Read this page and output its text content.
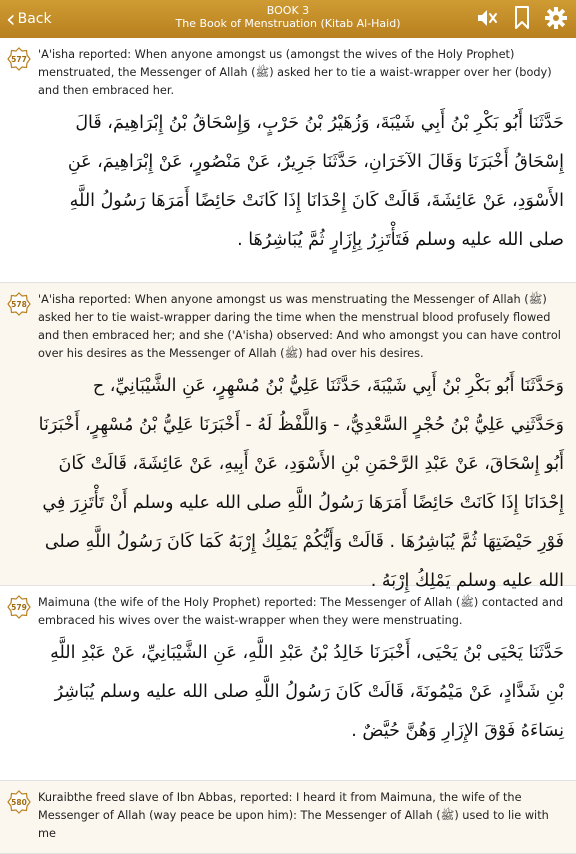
‹ Back
BOOK 3
The Book of Menstruation (Kitab Al-Haid)
577 'A'isha reported: When anyone amongst us (amongst the wives of the Holy Prophet) menstruated, the Messenger of Allah (ﷺ) asked her to tie a waist-wrapper over her (body) and then embraced her.

حَدَّثَنَا أَبُو بَكْرِ بْنُ أَبِي شَيْبَةَ، وَزُهَيْرُ بْنُ حَرْبٍ، وَإِسْحَاقُ بْنُ إِبْرَاهِيمَ، قَالَ إِسْحَاقُ أَخْبَرَنَا وَقَالَ الآخَرَانِ، حَدَّثَنَا جَرِيرٌ، عَنْ مَنْصُورٍ، عَنْ إِبْرَاهِيمَ، عَنِ الأَسْوَدِ، عَنْ عَائِشَةَ، قَالَتْ كَانَ إِحْدَانَا إِذَا كَانَتْ حَائِضًا أَمَرَهَا رَسُولُ اللَّهِ صلى الله عليه وسلم فَتَأْتَزِرُ بِإِزَارٍ ثُمَّ يُبَاشِرُهَا .

578 'A'isha reported: When anyone amongst us was menstruating the Messenger of Allah (ﷺ) asked her to tie waist-wrapper daring the time when the menstrual blood profusely flowed and then embraced her; and she ('A'isha) observed: And who amongst you can have control over his desires as the Messenger of Allah (ﷺ) had over his desires.

وَحَدَّثَنَا أَبُو بَكْرِ بْنُ أَبِي شَيْبَةَ، حَدَّثَنَا عَلِيُّ بْنُ مُسْهِرٍ، عَنِ الشَّيْبَانِيِّ، ح وَحَدَّثَنِي عَلِيُّ بْنُ حُجْرٍ السَّعْدِيُّ، - وَاللَّفْظُ لَهُ - أَخْبَرَنَا عَلِيُّ بْنُ مُسْهِرٍ، أَخْبَرَنَا أَبُو إِسْحَاقَ، عَنْ عَبْدِ الرَّحْمَنِ بْنِ الأَسْوَدِ، عَنْ أَبِيهِ، عَنْ عَائِشَةَ، قَالَتْ كَانَ إِحْدَانَا إِذَا كَانَتْ حَائِضًا أَمَرَهَا رَسُولُ اللَّهِ صلى الله عليه وسلم أَنْ تَأْتَزِرَ فِي فَوْرِ حَيْضَتِهَا ثُمَّ يُبَاشِرُهَا . قَالَتْ وَأَيُّكُمْ يَمْلِكُ إِرْبَهُ كَمَا كَانَ رَسُولُ اللَّهِ صلى الله عليه وسلم يَمْلِكُ إِرْبَهُ .

579 Maimuna (the wife of the Holy Prophet) reported: The Messenger of Allah (ﷺ) contacted and embraced his wives over the waist-wrapper when they were menstruating.

حَدَّثَنَا يَحْيَى بْنُ يَحْيَى، أَخْبَرَنَا خَالِدُ بْنُ عَبْدِ اللَّهِ، عَنِ الشَّيْبَانِيِّ، عَنْ عَبْدِ اللَّهِ بْنِ شَدَّادٍ، عَنْ مَيْمُونَةَ، قَالَتْ كَانَ رَسُولُ اللَّهِ صلى الله عليه وسلم يُبَاشِرُ نِسَاءَهُ فَوْقَ الإِزَارِ وَهُنَّ حُيَّضٌ .

580 Kuraibthe freed slave of Ibn Abbas, reported: I heard it from Maimuna, the wife of the Messenger of Allah (way peace be upon him): The Messenger of Allah (ﷺ) used to lie with me
